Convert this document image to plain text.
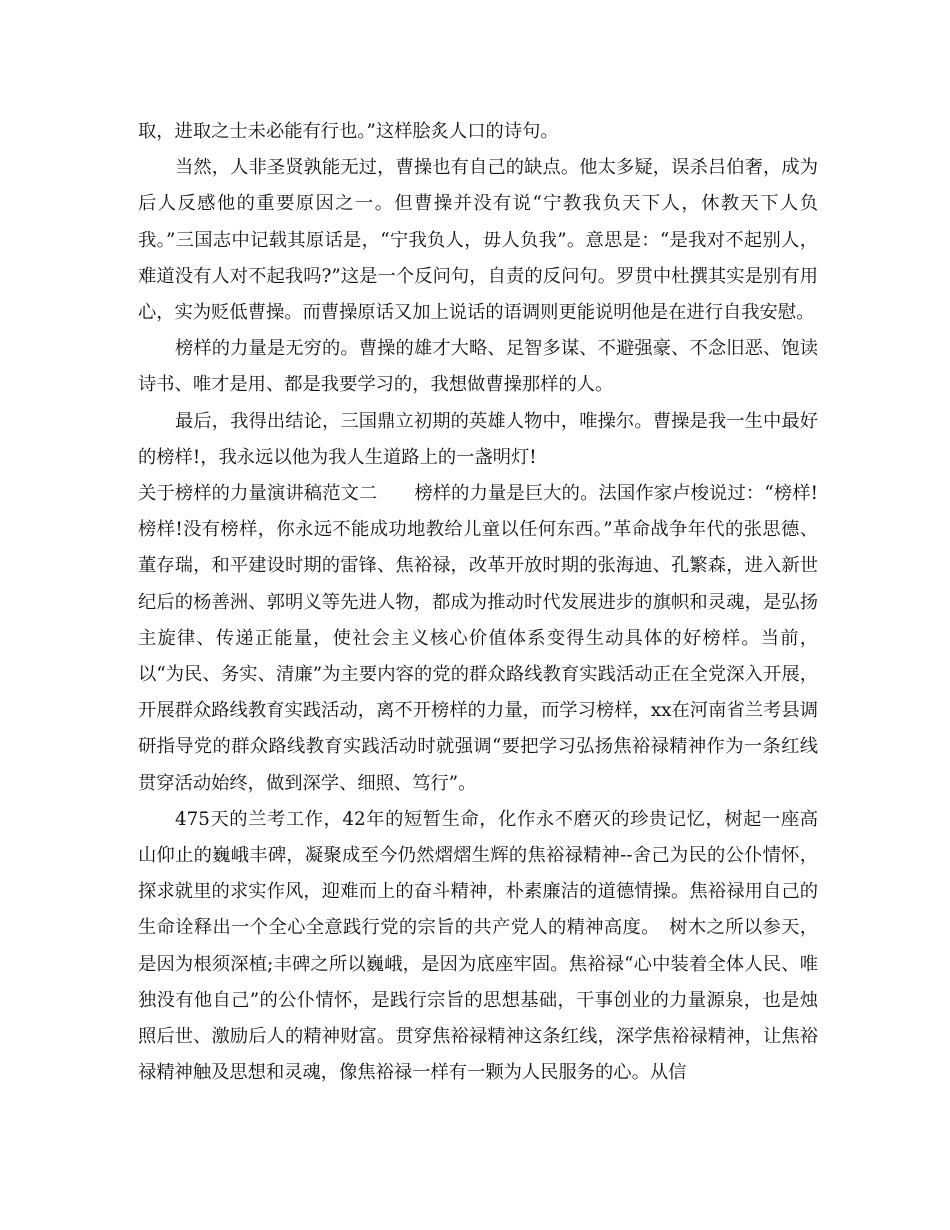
取，进取之士未必能有行也。”这样脍炙人口的诗句。

当然，人非圣贤孰能无过，曹操也有自己的缺点。他太多疑，误杀吕伯奢，成为后人反感他的重要原因之一。但曹操并没有说“宁教我负天下人，休教天下人负我。”三国志中记载其原话是，“宁我负人，毋人负我”。意思是：“是我对不起别人，难道没有人对不起我吗?”这是一个反问句，自责的反问句。罗贯中杜撰其实是别有用心，实为贬低曹操。而曹操原话又加上说话的语调则更能说明他是在进行自我安慰。

榜样的力量是无穷的。曹操的雄才大略、足智多谋、不避强豪、不念旧恶、饱读诗书、唯才是用、都是我要学习的，我想做曹操那样的人。

最后，我得出结论，三国鼎立初期的英雄人物中，唯操尔。曹操是我一生中最好的榜样!，我永远以他为我人生道路上的一盏明灯!

关于榜样的力量演讲稿范文二　　榜样的力量是巨大的。法国作家卢梭说过：“榜样!榜样!没有榜样，你永远不能成功地教给儿童以任何东西。”革命战争年代的张思德、董存瑞，和平建设时期的雷锋、焦裕禄，改革开放时期的张海迪、孔繁森，进入新世纪后的杨善洲、郭明义等先进人物，都成为推动时代发展进步的旗帜和灵魂，是弘扬主旋律、传递正能量，使社会主义核心价值体系变得生动具体的好榜样。当前，以“为民、务实、清廉”为主要内容的党的群众路线教育实践活动正在全党深入开展，开展群众路线教育实践活动，离不开榜样的力量，而学习榜样，xx在河南省兰考县调研指导党的群众路线教育实践活动时就强调“要把学习弘扬焦裕禄精神作为一条红线贯穿活动始终，做到深学、细照、笃行”。

475天的兰考工作，42年的短暂生命，化作永不磨灭的珍贵记忆，树起一座高山仰止的巍峨丰碑，凝聚成至今仍然熠熠生辉的焦裕禄精神--舍己为民的公仆情怀，探求就里的求实作风，迎难而上的奋斗精神，朴素廉洁的道德情操。焦裕禄用自己的生命诠释出一个全心全意践行党的宗旨的共产党人的精神高度。　树木之所以参天，是因为根须深植;丰碑之所以巍峨，是因为底座牢固。焦裕禄“心中装着全体人民、唯独没有他自己”的公仆情怀，是践行宗旨的思想基础，干事创业的力量源泉，也是烛照后世、激励后人的精神财富。贯穿焦裕禄精神这条红线，深学焦裕禄精神，让焦裕禄精神触及思想和灵魂，像焦裕禄一样有一颗为人民服务的心。从信
